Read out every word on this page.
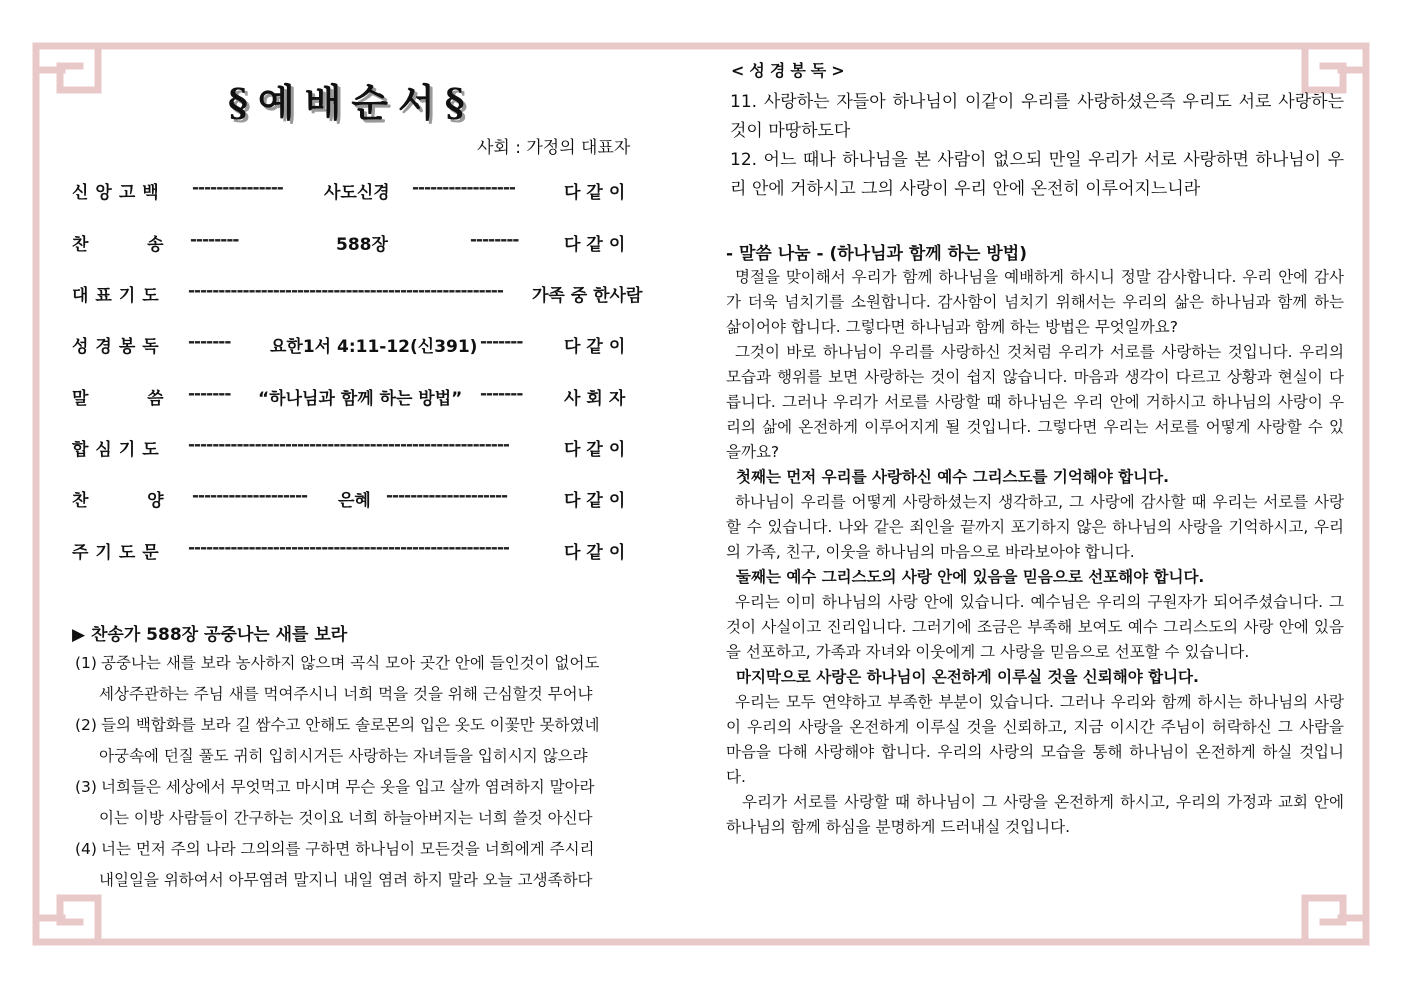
§예배순서§
사회 : 가정의 대표자
신앙고백 --------------- 사도신경 -----------------	다같이
찬    송 --------	588장	--------	다같이
대표기도 ---------------------------------------------------- 가족 중 한사람
성경봉독 ------- 요한1서 4:11-12(신391) ------- 다같이
말    씀 ------- “하나님과 함께 하는 방법” ------- 사회자
합심기도 -----------------------------------------------------	다같이
찬    양 ------------------- 은혜 --------------------	다같이
주기도문 -----------------------------------------------------	다같이
▶ 찬송가 588장 공중나는 새를 보라
(1) 공중나는 새를 보라 농사하지 않으며 곡식 모아 곳간 안에 들인것이 없어도
세상주관하는 주님 새를 먹여주시니 너희 먹을 것을 위해 근심할것 무어냐
(2) 들의 백합화를 보라 길 쌈수고 안해도 솔로몬의 입은 옷도 이꽃만 못하였네
아궁속에 던질 풀도 귀히 입히시거든 사랑하는 자녀들을 입히시지 않으랴
(3) 너희들은 세상에서 무엇먹고 마시며 무슨 옷을 입고 살까 염려하지 말아라
이는 이방 사람들이 간구하는 것이요 너희 하늘아버지는 너희 쓸것 아신다
(4) 너는 먼저 주의 나라 그의의를 구하면 하나님이 모든것을 너희에게 주시리
내일일을 위하여서 아무염려 말지니 내일 염려 하지 말라 오늘 고생족하다
<성경봉독>
11. 사랑하는 자들아 하나님이 이같이 우리를 사랑하셨은즉 우리도 서로 사랑하는 것이 마땅하도다
12. 어느 때나 하나님을 본 사람이 없으되 만일 우리가 서로 사랑하면 하나님이 우리 안에 거하시고 그의 사랑이 우리 안에 온전히 이루어지느니라
- 말씀 나눔 - (하나님과 함께 하는 방법)

명절을 맞이해서 우리가 함께 하나님을 예배하게 하시니 정말 감사합니다. 우리 안에 감사가 더욱 넘치기를 소원합니다. 감사함이 넘치기 위해서는 우리의 삶은 하나님과 함께 하는 삶이어야 합니다. 그렇다면 하나님과 함께 하는 방법은 무엇일까요?

그것이 바로 하나님이 우리를 사랑하신 것처럼 우리가 서로를 사랑하는 것입니다. 우리의 모습과 행위를 보면 사랑하는 것이 쉽지 않습니다. 마음과 생각이 다르고 상황과 현실이 다릅니다. 그러나 우리가 서로를 사랑할 때 하나님은 우리 안에 거하시고 하나님의 사랑이 우리의 삶에 온전하게 이루어지게 될 것입니다. 그렇다면 우리는 서로를 어떻게 사랑할 수 있을까요?

첫째는 먼저 우리를 사랑하신 예수 그리스도를 기억해야 합니다.

하나님이 우리를 어떻게 사랑하셨는지 생각하고, 그 사랑에 감사할 때 우리는 서로를 사랑할 수 있습니다. 나와 같은 죄인을 끝까지 포기하지 않은 하나님의 사랑을 기억하시고, 우리의 가족, 친구, 이웃을 하나님의 마음으로 바라보아야 합니다.

둘째는 예수 그리스도의 사랑 안에 있음을 믿음으로 선포해야 합니다.

우리는 이미 하나님의 사랑 안에 있습니다. 예수님은 우리의 구원자가 되어주셨습니다. 그것이 사실이고 진리입니다. 그러기에 조금은 부족해 보여도 예수 그리스도의 사랑 안에 있음을 선포하고, 가족과 자녀와 이웃에게 그 사랑을 믿음으로 선포할 수 있습니다.

마지막으로 사랑은 하나님이 온전하게 이루실 것을 신뢰해야 합니다.

우리는 모두 연약하고 부족한 부분이 있습니다. 그러나 우리와 함께 하시는 하나님의 사랑이 우리의 사랑을 온전하게 이루실 것을 신뢰하고, 지금 이시간 주님이 허락하신 그 사람을 마음을 다해 사랑해야 합니다. 우리의 사랑의 모습을 통해 하나님이 온전하게 하실 것입니다.

우리가 서로를 사랑할 때 하나님이 그 사랑을 온전하게 하시고, 우리의 가정과 교회 안에 하나님의 함께 하심을 분명하게 드러내실 것입니다.
